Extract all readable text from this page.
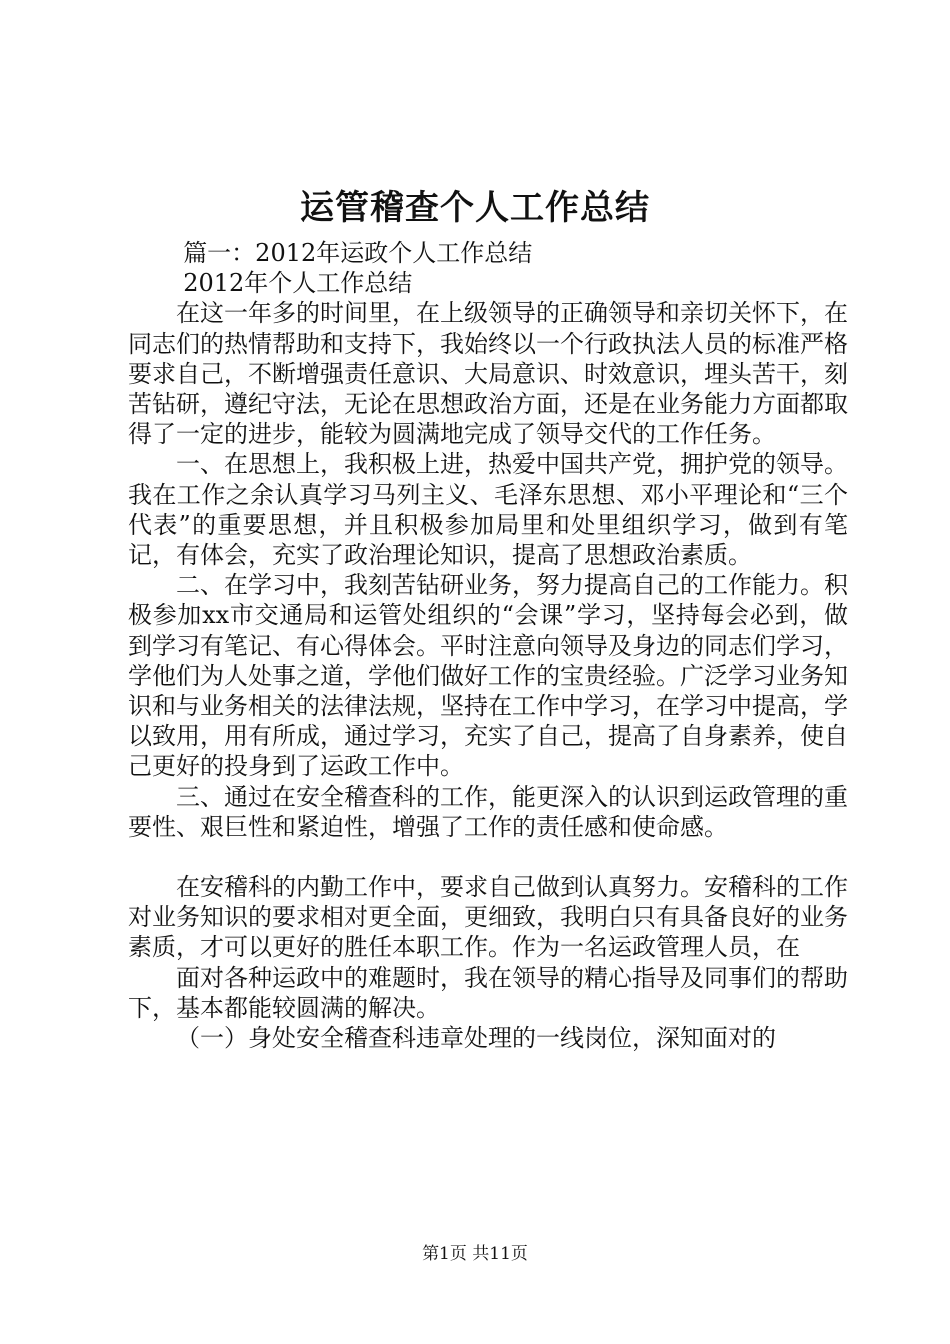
运管稽查个人工作总结

篇一：2012年运政个人工作总结

2012年个人工作总结

在这一年多的时间里，在上级领导的正确领导和亲切关怀下，在同志们的热情帮助和支持下，我始终以一个行政执法人员的标准严格要求自己，不断增强责任意识、大局意识、时效意识，埋头苦干，刻苦钻研，遵纪守法，无论在思想政治方面，还是在业务能力方面都取得了一定的进步，能较为圆满地完成了领导交代的工作任务。

一、在思想上，我积极上进，热爱中国共产党，拥护党的领导。我在工作之余认真学习马列主义、毛泽东思想、邓小平理论和“三个代表”的重要思想，并且积极参加局里和处里组织学习，做到有笔记，有体会，充实了政治理论知识，提高了思想政治素质。

二、在学习中，我刻苦钻研业务，努力提高自己的工作能力。积极参加xx市交通局和运管处组织的“会课”学习，坚持每会必到，做到学习有笔记、有心得体会。平时注意向领导及身边的同志们学习，学他们为人处事之道，学他们做好工作的宝贵经验。广泛学习业务知识和与业务相关的法律法规，坚持在工作中学习，在学习中提高，学以致用，用有所成，通过学习，充实了自己，提高了自身素养，使自己更好的投身到了运政工作中。

三、通过在安全稽查科的工作，能更深入的认识到运政管理的重要性、艰巨性和紧迫性，增强了工作的责任感和使命感。

在安稽科的内勤工作中，要求自己做到认真努力。安稽科的工作对业务知识的要求相对更全面，更细致，我明白只有具备良好的业务素质，才可以更好的胜任本职工作。作为一名运政管理人员，在

面对各种运政中的难题时，我在领导的精心指导及同事们的帮助下，基本都能较圆满的解决。

（一）身处安全稽查科违章处理的一线岗位，深知面对的

第1页 共11页
